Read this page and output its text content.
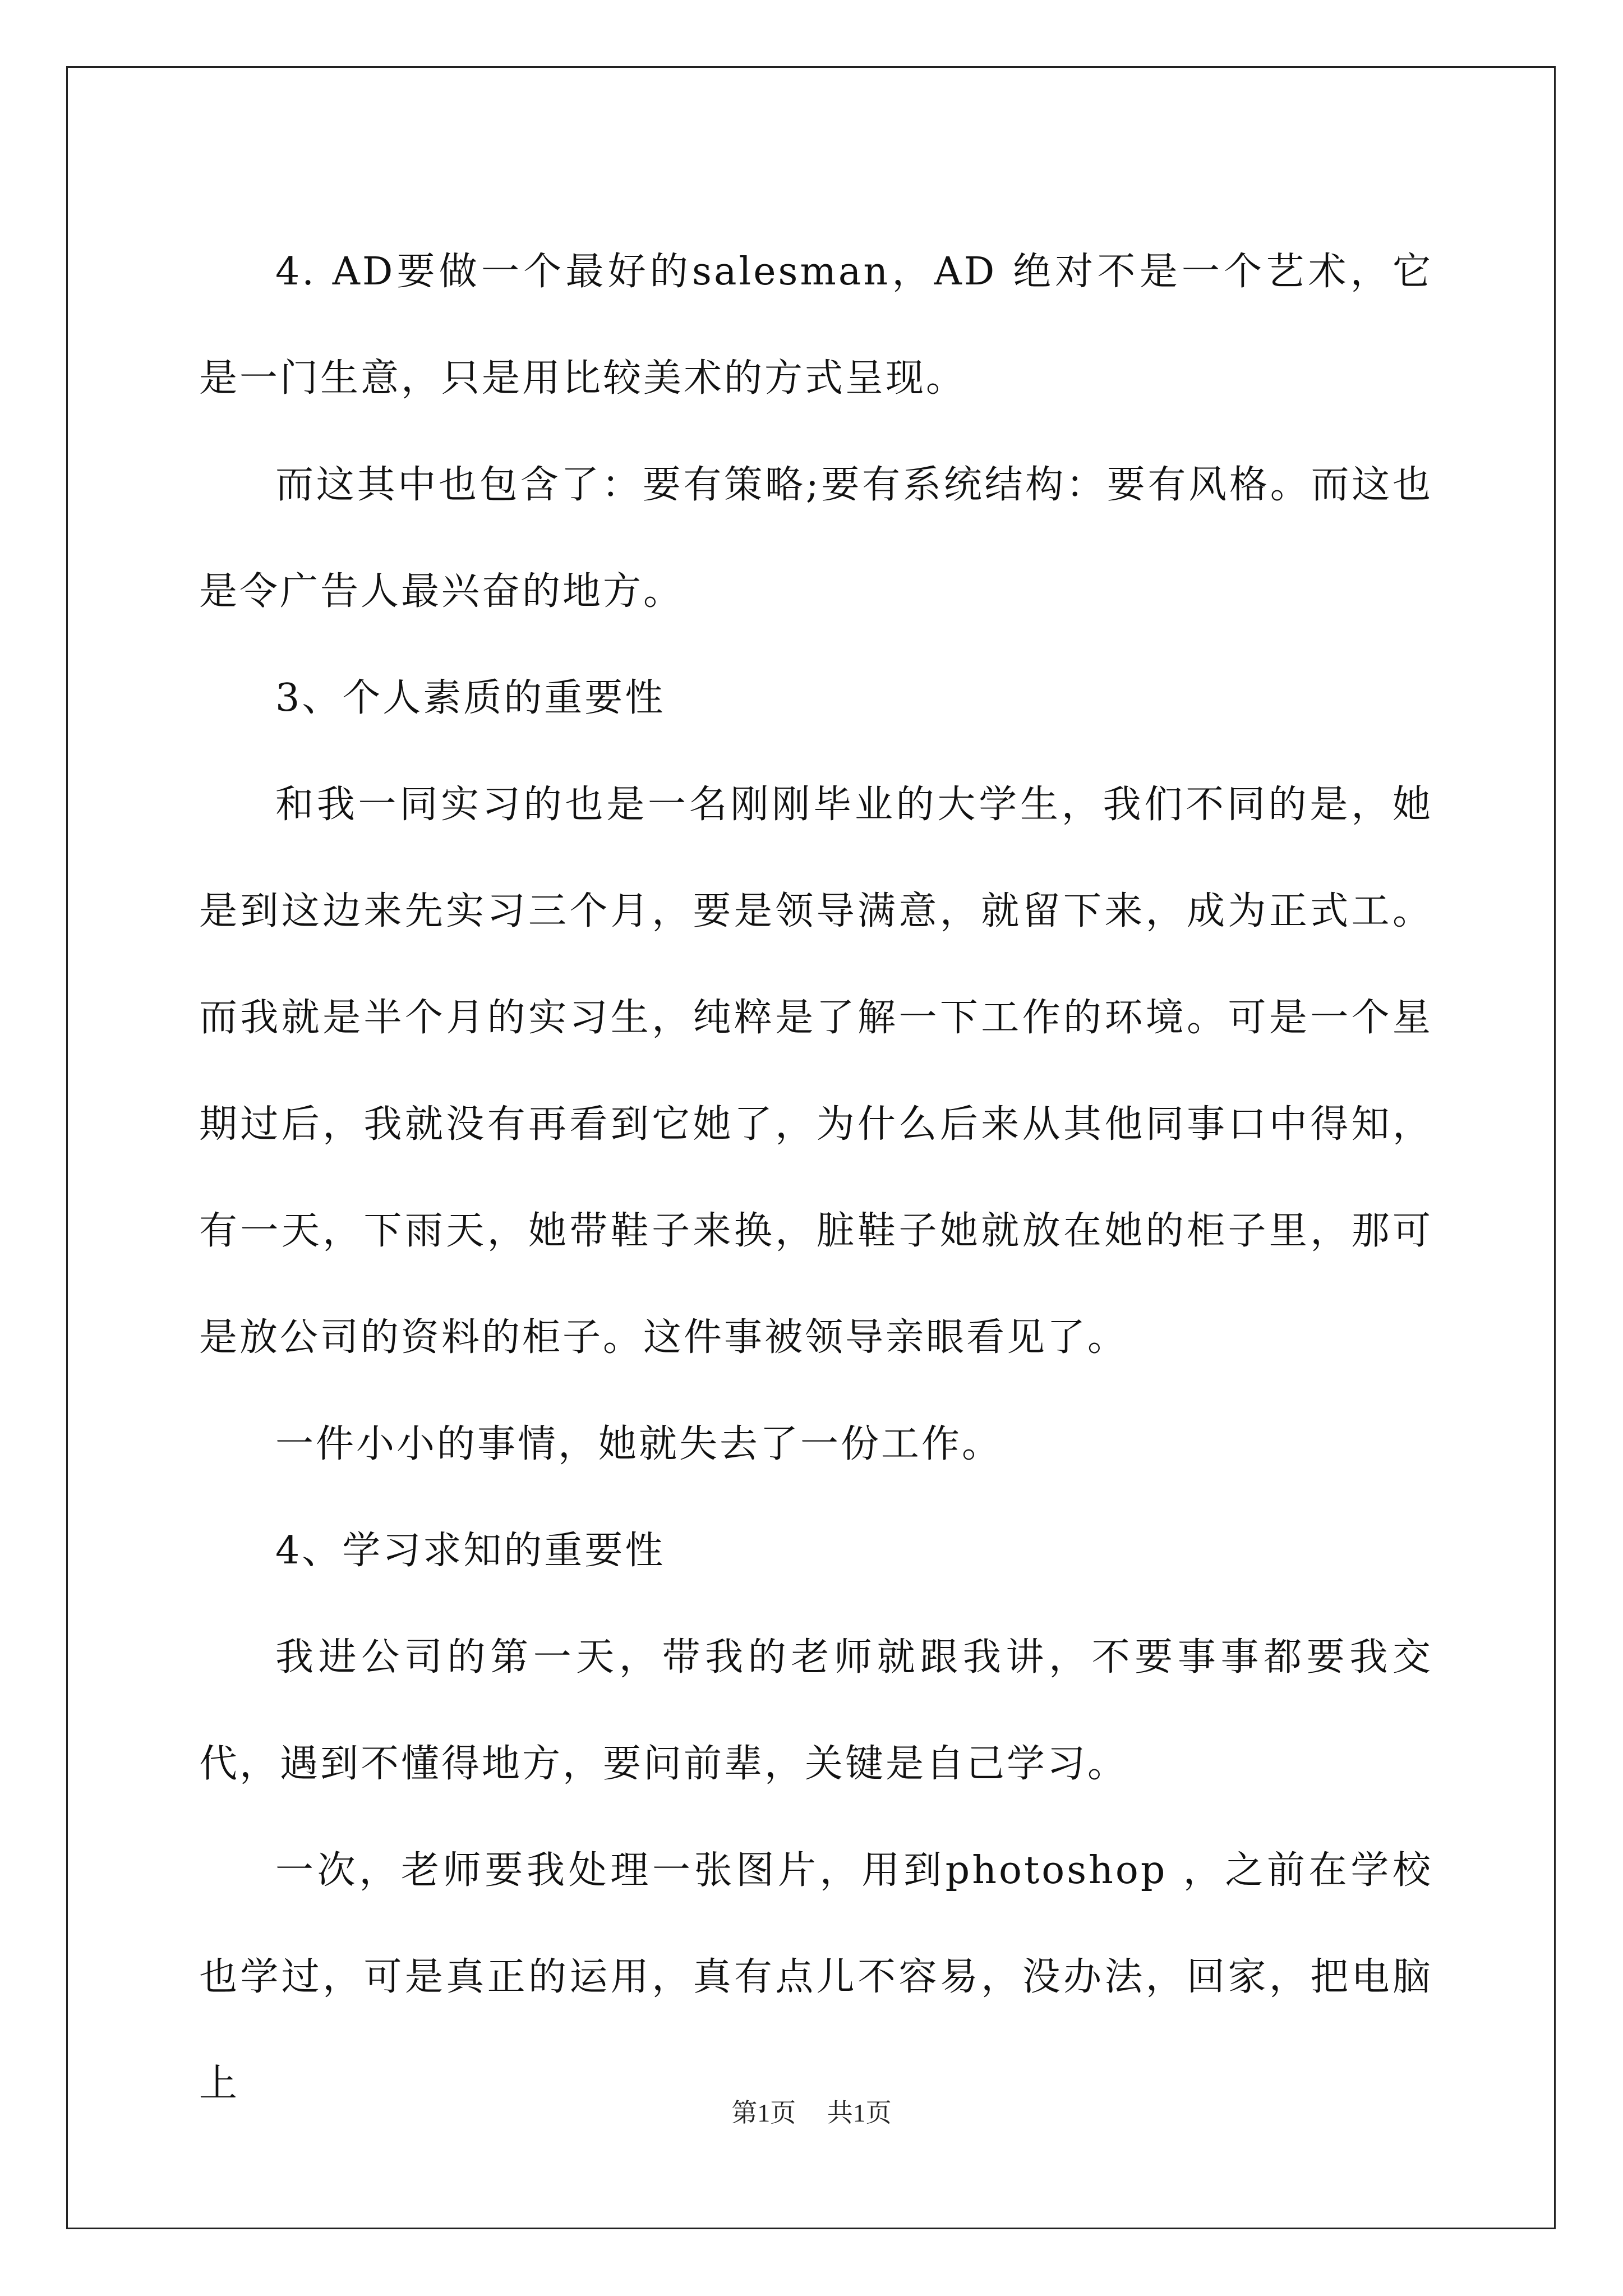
4. AD要做一个最好的salesman，AD 绝对不是一个艺术，它是一门生意，只是用比较美术的方式呈现。

而这其中也包含了：要有策略;要有系统结构：要有风格。而这也是令广告人最兴奋的地方。

3、个人素质的重要性

和我一同实习的也是一名刚刚毕业的大学生，我们不同的是，她是到这边来先实习三个月，要是领导满意，就留下来，成为正式工。而我就是半个月的实习生，纯粹是了解一下工作的环境。可是一个星期过后，我就没有再看到它她了，为什么后来从其他同事口中得知，有一天，下雨天，她带鞋子来换，脏鞋子她就放在她的柜子里，那可是放公司的资料的柜子。这件事被领导亲眼看见了。

一件小小的事情，她就失去了一份工作。

4、学习求知的重要性

我进公司的第一天，带我的老师就跟我讲，不要事事都要我交代，遇到不懂得地方，要问前辈，关键是自己学习。

一次，老师要我处理一张图片，用到photoshop ，之前在学校也学过，可是真正的运用，真有点儿不容易，没办法，回家，把电脑上

第1页 共1页
